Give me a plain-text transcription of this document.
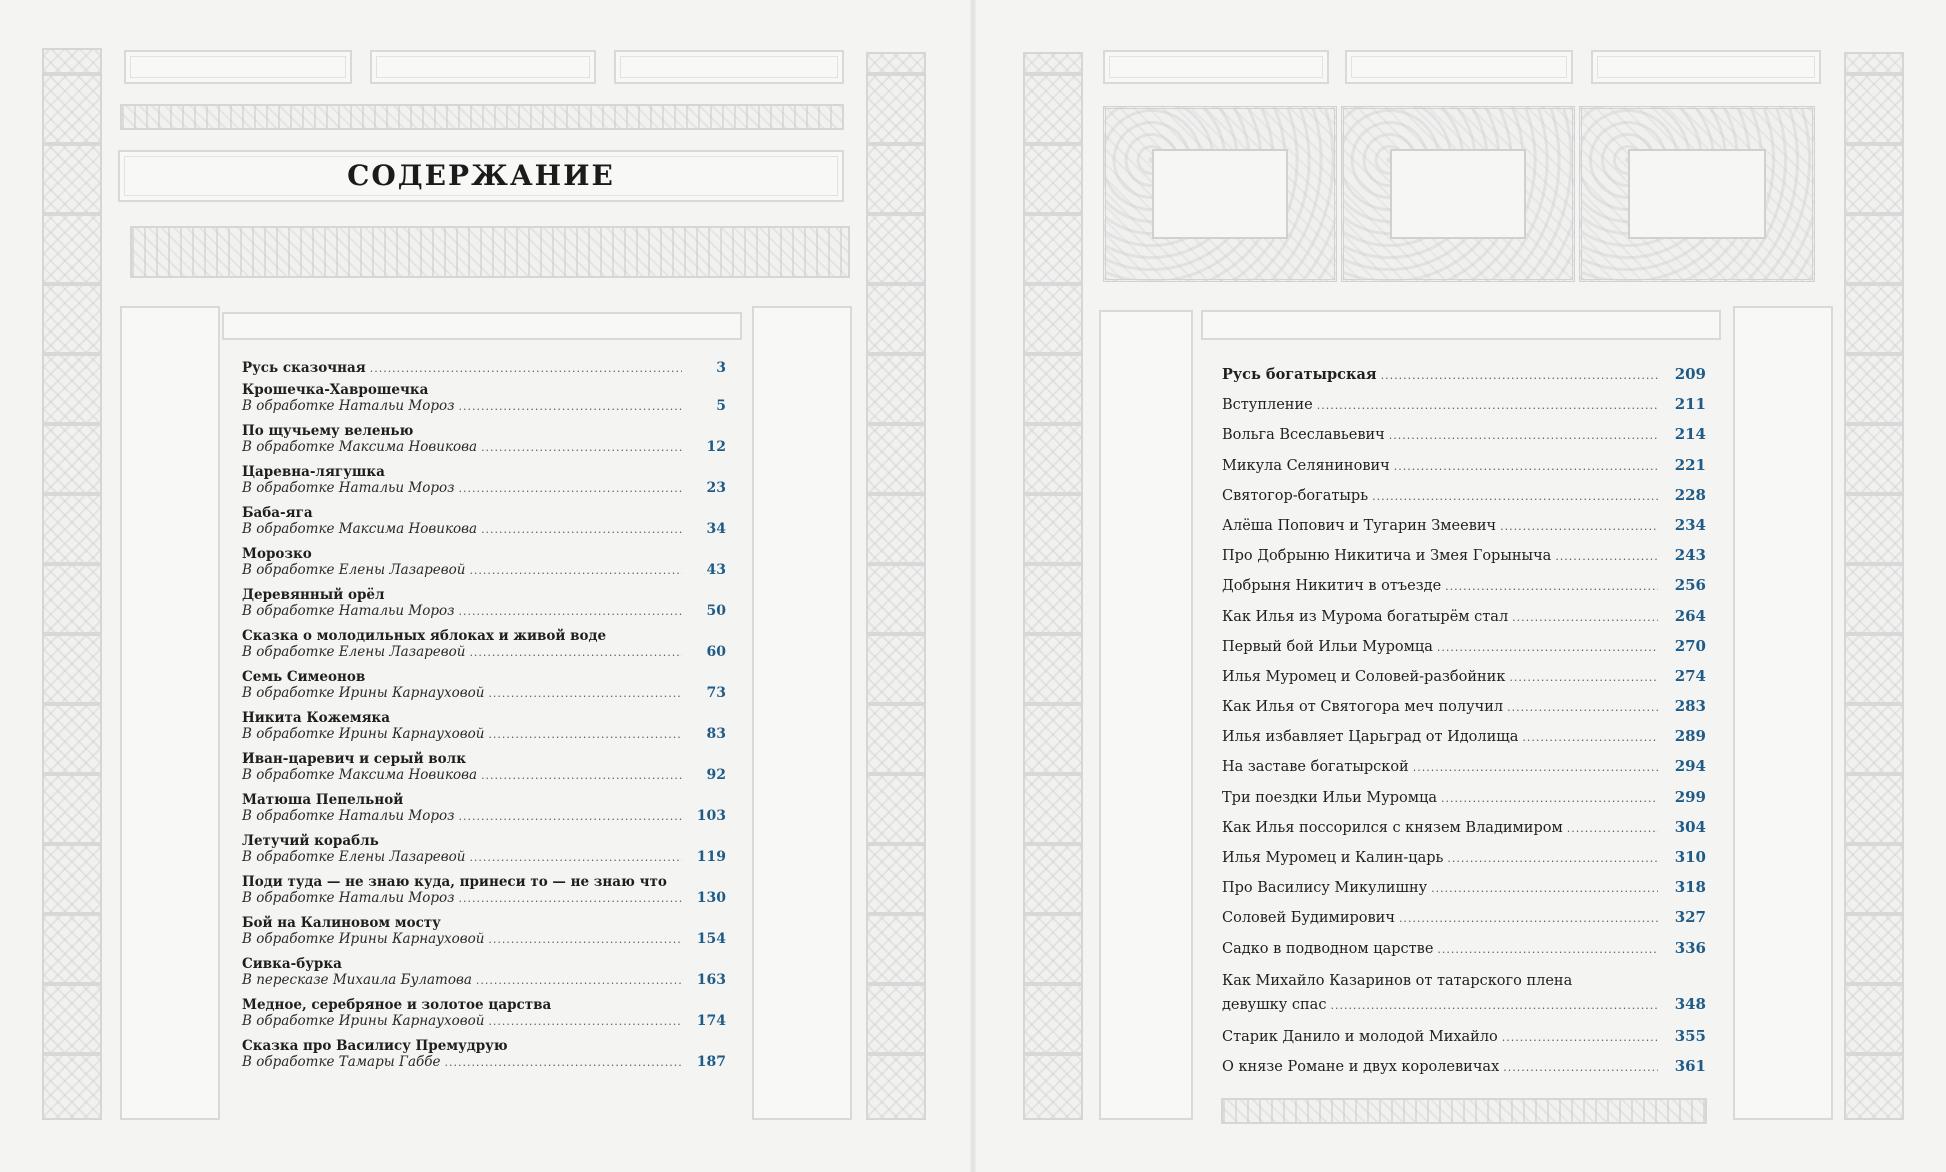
СОДЕРЖАНИЕ
Русь сказочная .....	3
Крошечка-Хаврошечка
В обработке Натальи Мороз .....	5
По щучьему веленью
В обработке Максима Новикова .....	12
Царевна-лягушка
В обработке Натальи Мороз .....	23
Баба-яга
В обработке Максима Новикова .....	34
Морозко
В обработке Елены Лазаревой .....	43
Деревянный орёл
В обработке Натальи Мороз .....	50
Сказка о молодильных яблоках и живой воде
В обработке Елены Лазаревой .....	60
Семь Симеонов
В обработке Ирины Карнауховой .....	73
Никита Кожемяка
В обработке Ирины Карнауховой .....	83
Иван-царевич и серый волк
В обработке Максима Новикова .....	92
Матюша Пепельной
В обработке Натальи Мороз .....	103
Летучий корабль
В обработке Елены Лазаревой .....	119
Поди туда — не знаю куда, принеси то — не знаю что
В обработке Натальи Мороз .....	130
Бой на Калиновом мосту
В обработке Ирины Карнауховой .....	154
Сивка-бурка
В пересказе Михаила Булатова .....	163
Медное, серебряное и золотое царства
В обработке Ирины Карнауховой .....	174
Сказка про Василису Премудрую
В обработке Тамары Габбе .....	187
Русь богатырская .....	209
Вступление .....	211
Вольга Всеславьевич .....	214
Микула Селянинович .....	221
Святогор-богатырь .....	228
Алёша Попович и Тугарин Змеевич .....	234
Про Добрыню Никитича и Змея Горыныча .....	243
Добрыня Никитич в отъезде .....	256
Как Илья из Мурома богатырём стал .....	264
Первый бой Ильи Муромца .....	270
Илья Муромец и Соловей-разбойник .....	274
Как Илья от Святогора меч получил .....	283
Илья избавляет Царьград от Идолища .....	289
На заставе богатырской .....	294
Три поездки Ильи Муромца .....	299
Как Илья поссорился с князем Владимиром .....	304
Илья Муромец и Калин-царь .....	310
Про Василису Микулишну .....	318
Соловей Будимирович .....	327
Садко в подводном царстве .....	336
Как Михайло Казаринов от татарского плена
девушку спас .....	348
Старик Данило и молодой Михайло .....	355
О князе Романе и двух королевичах .....	361
